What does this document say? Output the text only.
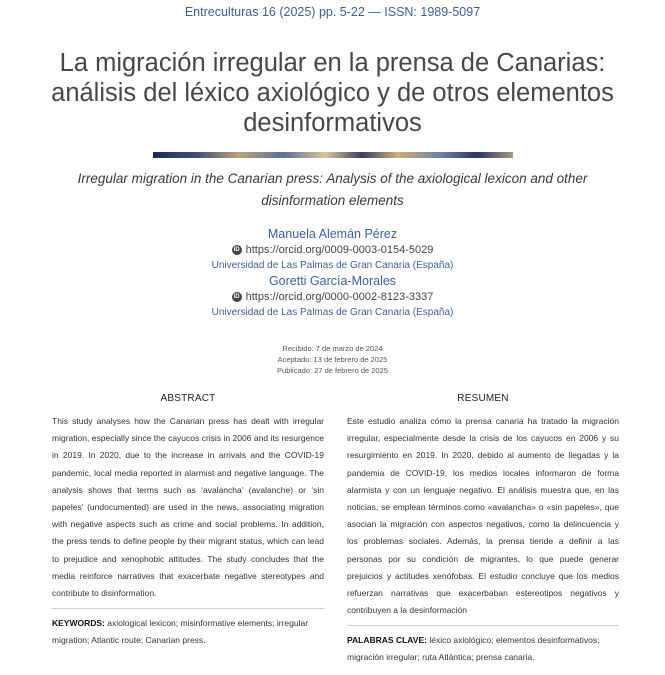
Entreculturas 16 (2025) pp. 5-22 — ISSN: 1989-5097
La migración irregular en la prensa de Canarias:
análisis del léxico axiológico y de otros elementos
desinformativos
Irregular migration in the Canarian press: Analysis of the axiological lexicon and other
disinformation elements
Manuela Alemán Pérez
iD https://orcid.org/0009-0003-0154-5029
Universidad de Las Palmas de Gran Canaria (España)
Goretti García-Morales
iD https://orcid.org/0000-0002-8123-3337
Universidad de Las Palmas de Gran Canaria (España)
Recibido: 7 de marzo de 2024
Aceptado: 13 de febrero de 2025
Publicado: 27 de febrero de 2025
ABSTRACT
This study analyses how the Canarian press has dealt with irregular migration, especially since the cayucos crisis in 2006 and its resurgence in 2019. In 2020, due to the increase in arrivals and the COVID-19 pandemic, local media reported in alarmist and negative language. The analysis shows that terms such as ‘avalancha’ (avalanche) or ‘sin papeles’ (undocumented) are used in the news, associating migration with negative aspects such as crime and social problems. In addition, the press tends to define people by their migrant status, which can lead to prejudice and xenophobic attitudes. The study concludes that the media reinforce narratives that exacerbate negative stereotypes and contribute to disinformation.
KEYWORDS: axiological lexicon; misinformative elements; irregular migration; Atlantic route; Canarian press.
RESUMEN
Este estudio analiza cómo la prensa canaria ha tratado la migración irregular, especialmente desde la crisis de los cayucos en 2006 y su resurgimiento en 2019. In 2020, debido al aumento de llegadas y la pandemia de COVID-19, los medios locales informaron de forma alarmista y con un lenguaje negativo. El análisis muestra que, en las noticias, se emplean términos como «avalancha» o «sin papeles», que asocian la migración con aspectos negativos, como la delincuencia y los problemas sociales. Además, la prensa tiende a definir a las personas por su condición de migrantes, lo que puede generar prejuicios y actitudes xenófobas. El estudio concluye que los medios refuerzan narrativas que exacerbaban estereotipos negativos y contribuyen a la desinformación
PALABRAS CLAVE: léxico axiológico; elementos desinformativos; migración irregular; ruta Atlántica; prensa canaria.
